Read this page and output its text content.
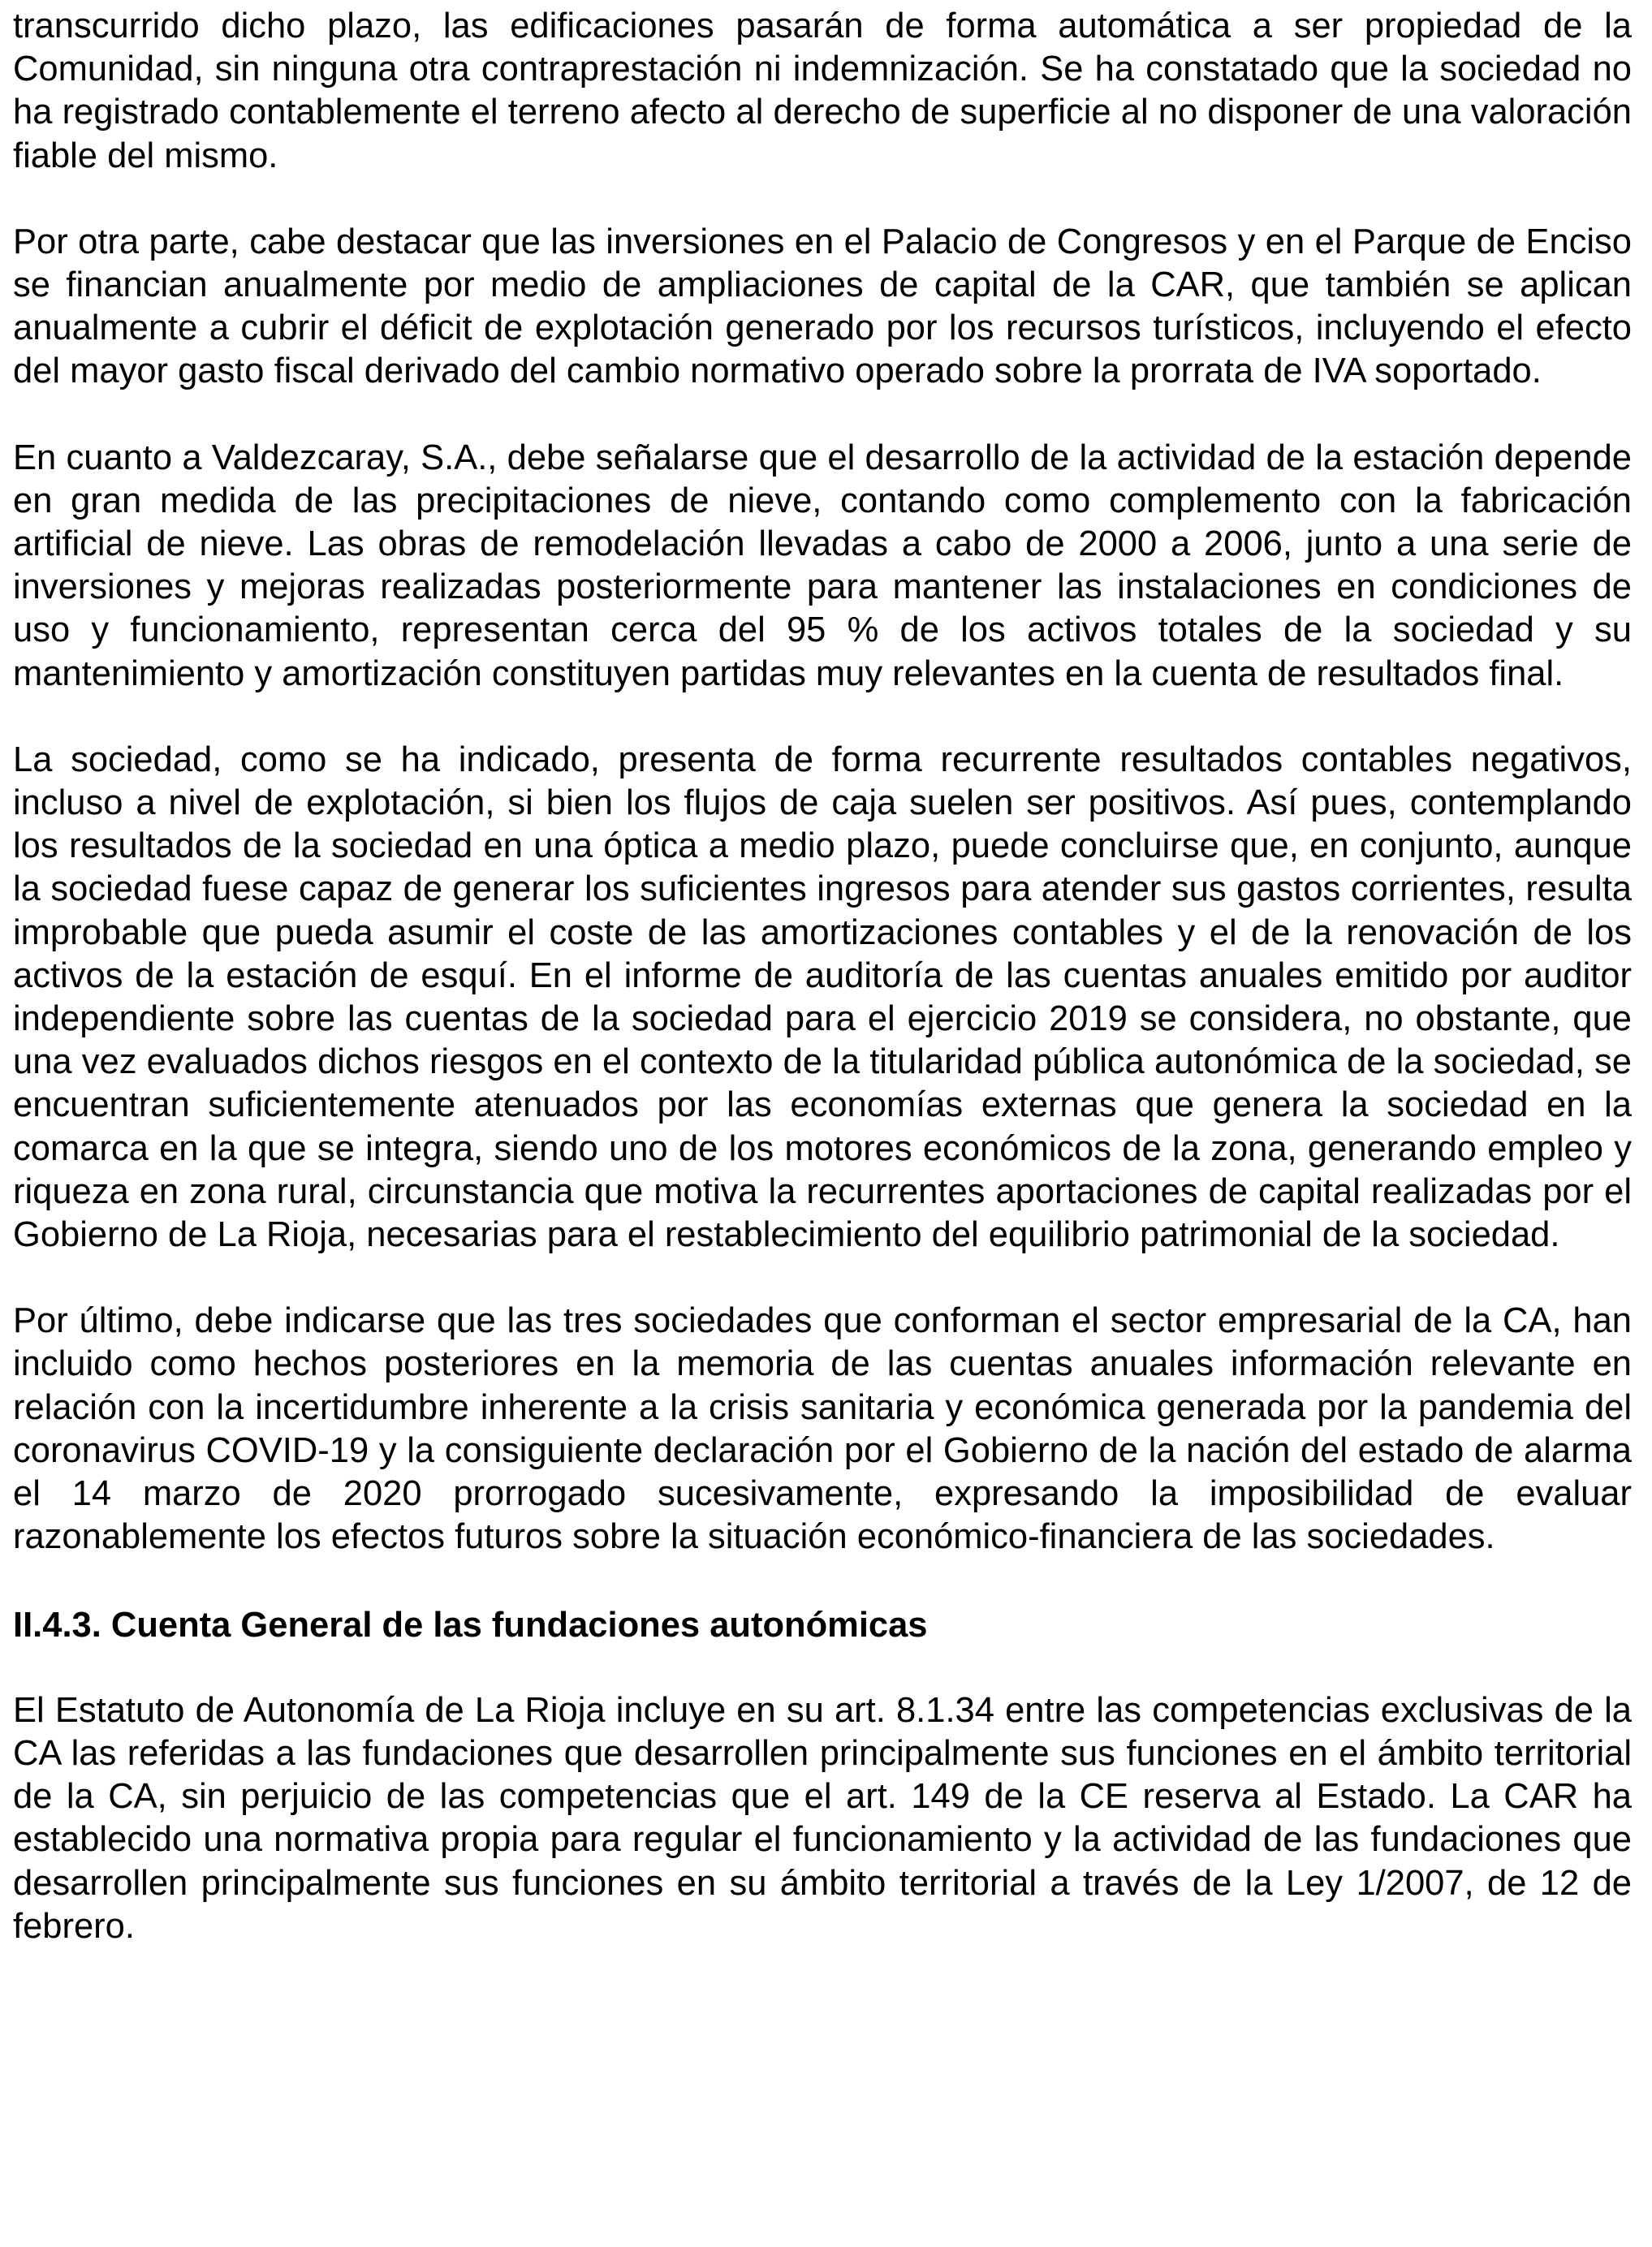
transcurrido dicho plazo, las edificaciones pasarán de forma automática a ser propiedad de la Comunidad, sin ninguna otra contraprestación ni indemnización. Se ha constatado que la sociedad no ha registrado contablemente el terreno afecto al derecho de superficie al no disponer de una valoración fiable del mismo.

Por otra parte, cabe destacar que las inversiones en el Palacio de Congresos y en el Parque de Enciso se financian anualmente por medio de ampliaciones de capital de la CAR, que también se aplican anualmente a cubrir el déficit de explotación generado por los recursos turísticos, incluyendo el efecto del mayor gasto fiscal derivado del cambio normativo operado sobre la prorrata de IVA soportado.

En cuanto a Valdezcaray, S.A., debe señalarse que el desarrollo de la actividad de la estación depende en gran medida de las precipitaciones de nieve, contando como complemento con la fabricación artificial de nieve. Las obras de remodelación llevadas a cabo de 2000 a 2006, junto a una serie de inversiones y mejoras realizadas posteriormente para mantener las instalaciones en condiciones de uso y funcionamiento, representan cerca del 95 % de los activos totales de la sociedad y su mantenimiento y amortización constituyen partidas muy relevantes en la cuenta de resultados final.

La sociedad, como se ha indicado, presenta de forma recurrente resultados contables negativos, incluso a nivel de explotación, si bien los flujos de caja suelen ser positivos. Así pues, contemplando los resultados de la sociedad en una óptica a medio plazo, puede concluirse que, en conjunto, aunque la sociedad fuese capaz de generar los suficientes ingresos para atender sus gastos corrientes, resulta improbable que pueda asumir el coste de las amortizaciones contables y el de la renovación de los activos de la estación de esquí. En el informe de auditoría de las cuentas anuales emitido por auditor independiente sobre las cuentas de la sociedad para el ejercicio 2019 se considera, no obstante, que una vez evaluados dichos riesgos en el contexto de la titularidad pública autonómica de la sociedad, se encuentran suficientemente atenuados por las economías externas que genera la sociedad en la comarca en la que se integra, siendo uno de los motores económicos de la zona, generando empleo y riqueza en zona rural, circunstancia que motiva la recurrentes aportaciones de capital realizadas por el Gobierno de La Rioja, necesarias para el restablecimiento del equilibrio patrimonial de la sociedad.

Por último, debe indicarse que las tres sociedades que conforman el sector empresarial de la CA, han incluido como hechos posteriores en la memoria de las cuentas anuales información relevante en relación con la incertidumbre inherente a la crisis sanitaria y económica generada por la pandemia del coronavirus COVID-19 y la consiguiente declaración por el Gobierno de la nación del estado de alarma el 14 marzo de 2020 prorrogado sucesivamente, expresando la imposibilidad de evaluar razonablemente los efectos futuros sobre la situación económico-financiera de las sociedades.

II.4.3. Cuenta General de las fundaciones autonómicas

El Estatuto de Autonomía de La Rioja incluye en su art. 8.1.34 entre las competencias exclusivas de la CA las referidas a las fundaciones que desarrollen principalmente sus funciones en el ámbito territorial de la CA, sin perjuicio de las competencias que el art. 149 de la CE reserva al Estado. La CAR ha establecido una normativa propia para regular el funcionamiento y la actividad de las fundaciones que desarrollen principalmente sus funciones en su ámbito territorial a través de la Ley 1/2007, de 12 de febrero.
